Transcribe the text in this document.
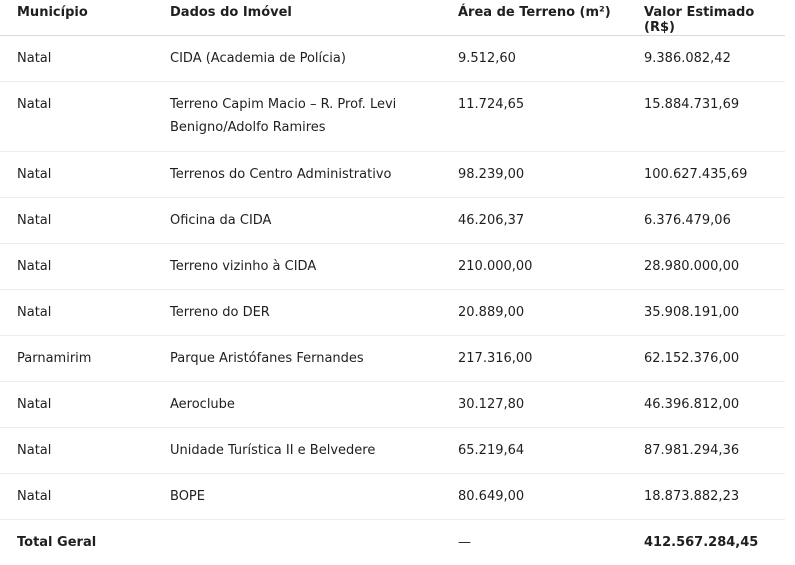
Município	Dados do Imóvel	Área de Terreno (m²)	Valor Estimado (R$)

Natal	CIDA (Academia de Polícia)	9.512,60	9.386.082,42

Natal	Terreno Capim Macio – R. Prof. Levi Benigno/Adolfo Ramires	11.724,65	15.884.731,69

Natal	Terrenos do Centro Administrativo	98.239,00	100.627.435,69

Natal	Oficina da CIDA	46.206,37	6.376.479,06

Natal	Terreno vizinho à CIDA	210.000,00	28.980.000,00

Natal	Terreno do DER	20.889,00	35.908.191,00

Parnamirim	Parque Aristófanes Fernandes	217.316,00	62.152.376,00

Natal	Aeroclube	30.127,80	46.396.812,00

Natal	Unidade Turística II e Belvedere	65.219,64	87.981.294,36

Natal	BOPE	80.649,00	18.873.882,23

Total Geral		—	412.567.284,45
